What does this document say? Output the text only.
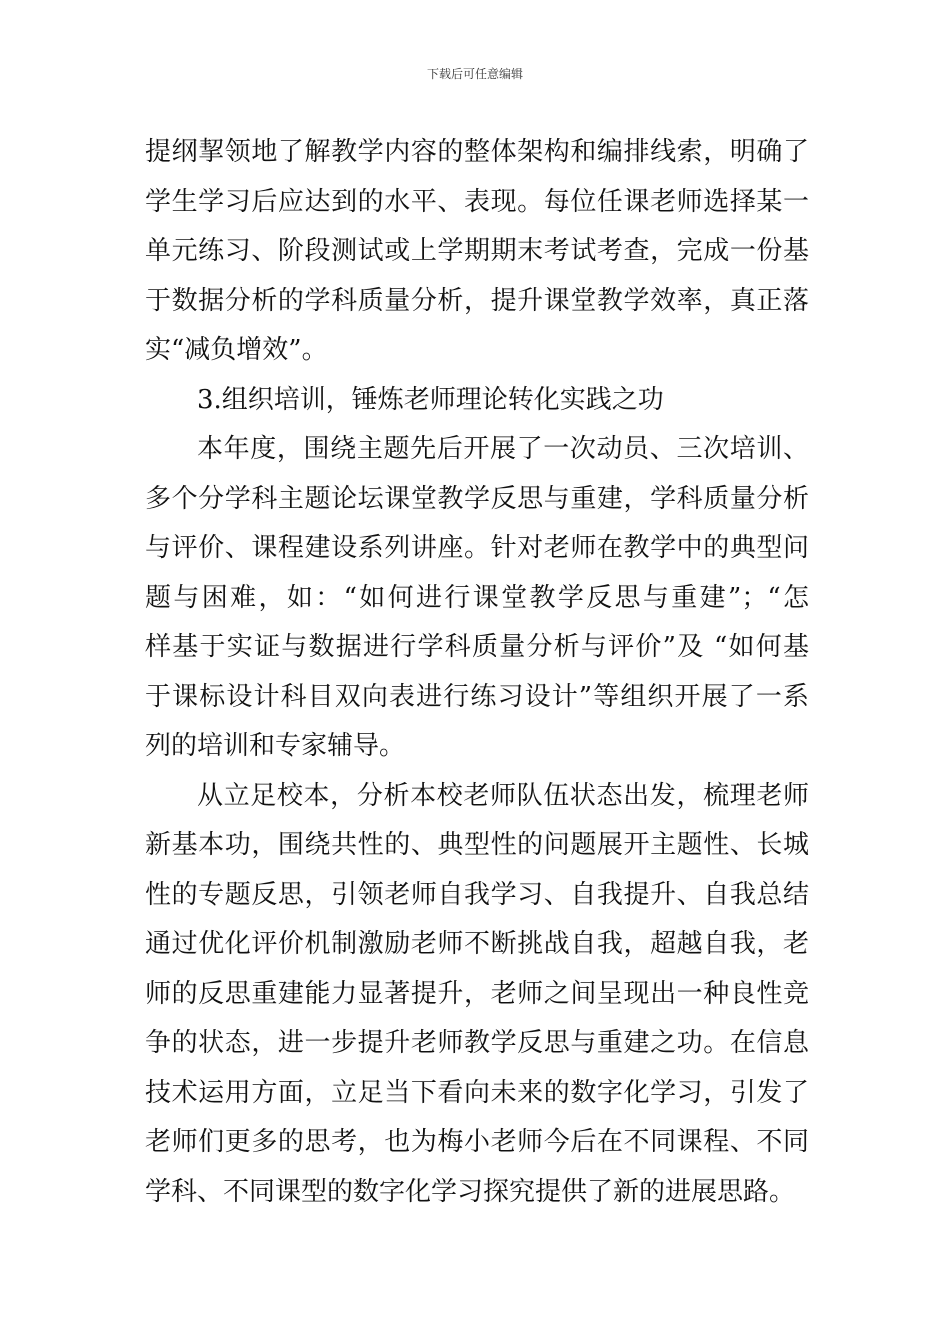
下载后可任意编辑
提纲挈领地了解教学内容的整体架构和编排线索，明确了
学生学习后应达到的水平、表现。每位任课老师选择某一
单元练习、阶段测试或上学期期末考试考查，完成一份基
于数据分析的学科质量分析，提升课堂教学效率，真正落
实“减负增效”。
3.组织培训，锤炼老师理论转化实践之功
本年度，围绕主题先后开展了一次动员、三次培训、
多个分学科主题论坛课堂教学反思与重建，学科质量分析
与评价、课程建设系列讲座。针对老师在教学中的典型问
题与困难，如：“如何进行课堂教学反思与重建”；“怎
样基于实证与数据进行学科质量分析与评价”及 “如何基
于课标设计科目双向表进行练习设计”等组织开展了一系
列的培训和专家辅导。
从立足校本，分析本校老师队伍状态出发，梳理老师
新基本功，围绕共性的、典型性的问题展开主题性、长城
性的专题反思，引领老师自我学习、自我提升、自我总结
通过优化评价机制激励老师不断挑战自我，超越自我，老
师的反思重建能力显著提升，老师之间呈现出一种良性竞
争的状态，进一步提升老师教学反思与重建之功。在信息
技术运用方面，立足当下看向未来的数字化学习，引发了
老师们更多的思考，也为梅小老师今后在不同课程、不同
学科、不同课型的数字化学习探究提供了新的进展思路。
